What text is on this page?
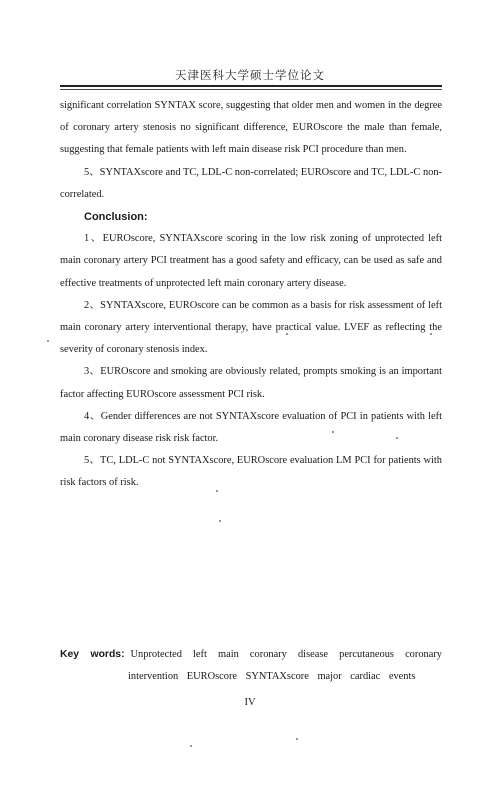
天津医科大学硕士学位论文

significant correlation SYNTAX score, suggesting that older men and women in the degree of coronary artery stenosis no significant difference, EUROscore the male than female, suggesting that female patients with left main disease risk PCI procedure than men.

5、SYNTAXscore and TC, LDL-C non-correlated; EUROscore and TC, LDL-C non-correlated.

Conclusion:

1、EUROscore, SYNTAXscore scoring in the low risk zoning of unprotected left main coronary artery PCI treatment has a good safety and efficacy, can be used as safe and effective treatments of unprotected left main coronary artery disease.

2、SYNTAXscore, EUROscore can be common as a basis for risk assessment of left main coronary artery interventional therapy, have practical value. LVEF as reflecting the severity of coronary stenosis index.

3、EUROscore and smoking are obviously related, prompts smoking is an important factor affecting EUROscore assessment PCI risk.

4、Gender differences are not SYNTAXscore evaluation of PCI in patients with left main coronary disease risk risk factor.

5、TC, LDL-C not SYNTAXscore, EUROscore evaluation LM PCI for patients with risk factors of risk.

Key words: Unprotected left main coronary disease percutaneous coronary
intervention EUROscore SYNTAXscore major cardiac events
IV
